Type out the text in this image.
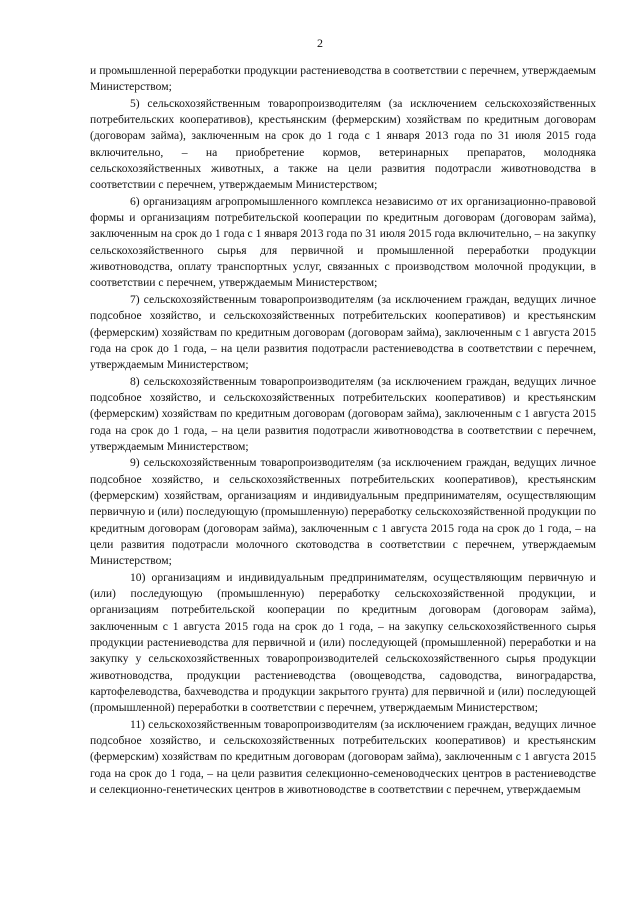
2

и промышленной переработки продукции растениеводства в соответствии с перечнем, утверждаемым Министерством;

5) сельскохозяйственным товаропроизводителям (за исключением сельскохозяйственных потребительских кооперативов), крестьянским (фермерским) хозяйствам по кредитным договорам (договорам займа), заключенным на срок до 1 года с 1 января 2013 года по 31 июля 2015 года включительно, – на приобретение кормов, ветеринарных препаратов, молодняка сельскохозяйственных животных, а также на цели развития подотрасли животноводства в соответствии с перечнем, утверждаемым Министерством;

6) организациям агропромышленного комплекса независимо от их организационно-правовой формы и организациям потребительской кооперации по кредитным договорам (договорам займа), заключенным на срок до 1 года с 1 января 2013 года по 31 июля 2015 года включительно, – на закупку сельскохозяйственного сырья для первичной и промышленной переработки продукции животноводства, оплату транспортных услуг, связанных с производством молочной продукции, в соответствии с перечнем, утверждаемым Министерством;

7) сельскохозяйственным товаропроизводителям (за исключением граждан, ведущих личное подсобное хозяйство, и сельскохозяйственных потребительских кооперативов) и крестьянским (фермерским) хозяйствам по кредитным договорам (договорам займа), заключенным с 1 августа 2015 года на срок до 1 года, – на цели развития подотрасли растениеводства в соответствии с перечнем, утверждаемым Министерством;

8) сельскохозяйственным товаропроизводителям (за исключением граждан, ведущих личное подсобное хозяйство, и сельскохозяйственных потребительских кооперативов) и крестьянским (фермерским) хозяйствам по кредитным договорам (договорам займа), заключенным с 1 августа 2015 года на срок до 1 года, – на цели развития подотрасли животноводства в соответствии с перечнем, утверждаемым Министерством;

9) сельскохозяйственным товаропроизводителям (за исключением граждан, ведущих личное подсобное хозяйство, и сельскохозяйственных потребительских кооперативов), крестьянским (фермерским) хозяйствам, организациям и индивидуальным предпринимателям, осуществляющим первичную и (или) последующую (промышленную) переработку сельскохозяйственной продукции по кредитным договорам (договорам займа), заключенным с 1 августа 2015 года на срок до 1 года, – на цели развития подотрасли молочного скотоводства в соответствии с перечнем, утверждаемым Министерством;

10) организациям и индивидуальным предпринимателям, осуществляющим первичную и (или) последующую (промышленную) переработку сельскохозяйственной продукции, и организациям потребительской кооперации по кредитным договорам (договорам займа), заключенным с 1 августа 2015 года на срок до 1 года, – на закупку сельскохозяйственного сырья продукции растениеводства для первичной и (или) последующей (промышленной) переработки и на закупку у сельскохозяйственных товаропроизводителей сельскохозяйственного сырья продукции животноводства, продукции растениеводства (овощеводства, садоводства, виноградарства, картофелеводства, бахчеводства и продукции закрытого грунта) для первичной и (или) последующей (промышленной) переработки в соответствии с перечнем, утверждаемым Министерством;

11) сельскохозяйственным товаропроизводителям (за исключением граждан, ведущих личное подсобное хозяйство, и сельскохозяйственных потребительских кооперативов) и крестьянским (фермерским) хозяйствам по кредитным договорам (договорам займа), заключенным с 1 августа 2015 года на срок до 1 года, – на цели развития селекционно-семеноводческих центров в растениеводстве и селекционно-генетических центров в животноводстве в соответствии с перечнем, утверждаемым
